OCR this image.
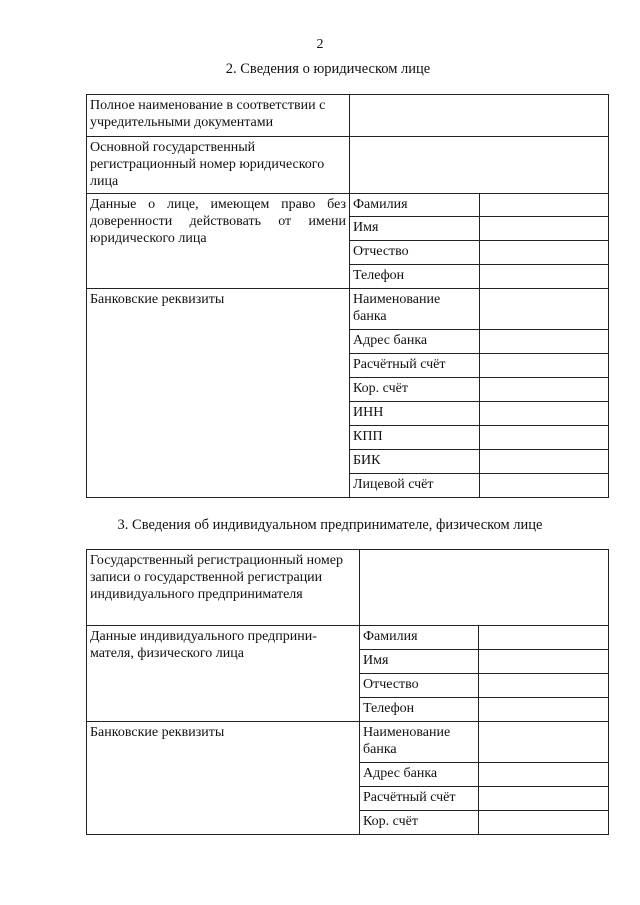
2
2. Сведения о юридическом лице
Полное наименование в соответствии с учредительными документами		
Основной государственный регистрационный номер юридического лица		
Данные о лице, имеющем право без доверенности действовать от имени юридического лица	Фамилия	
	Имя	
	Отчество	
	Телефон	
Банковские реквизиты	Наименование банка	
	Адрес банка	
	Расчётный счёт	
	Кор. счёт	
	ИНН	
	КПП	
	БИК	
	Лицевой счёт	
3. Сведения об индивидуальном предпринимателе, физическом лице
Государственный регистрационный номер записи о государственной регистрации индивидуального предпринимателя		

Данные индивидуального предприни-
мателя, физического лица	Фамилия	
	Имя	
	Отчество	
	Телефон	
Банковские реквизиты	Наименование банка	
	Адрес банка	
	Расчётный счёт	
	Кор. счёт	
